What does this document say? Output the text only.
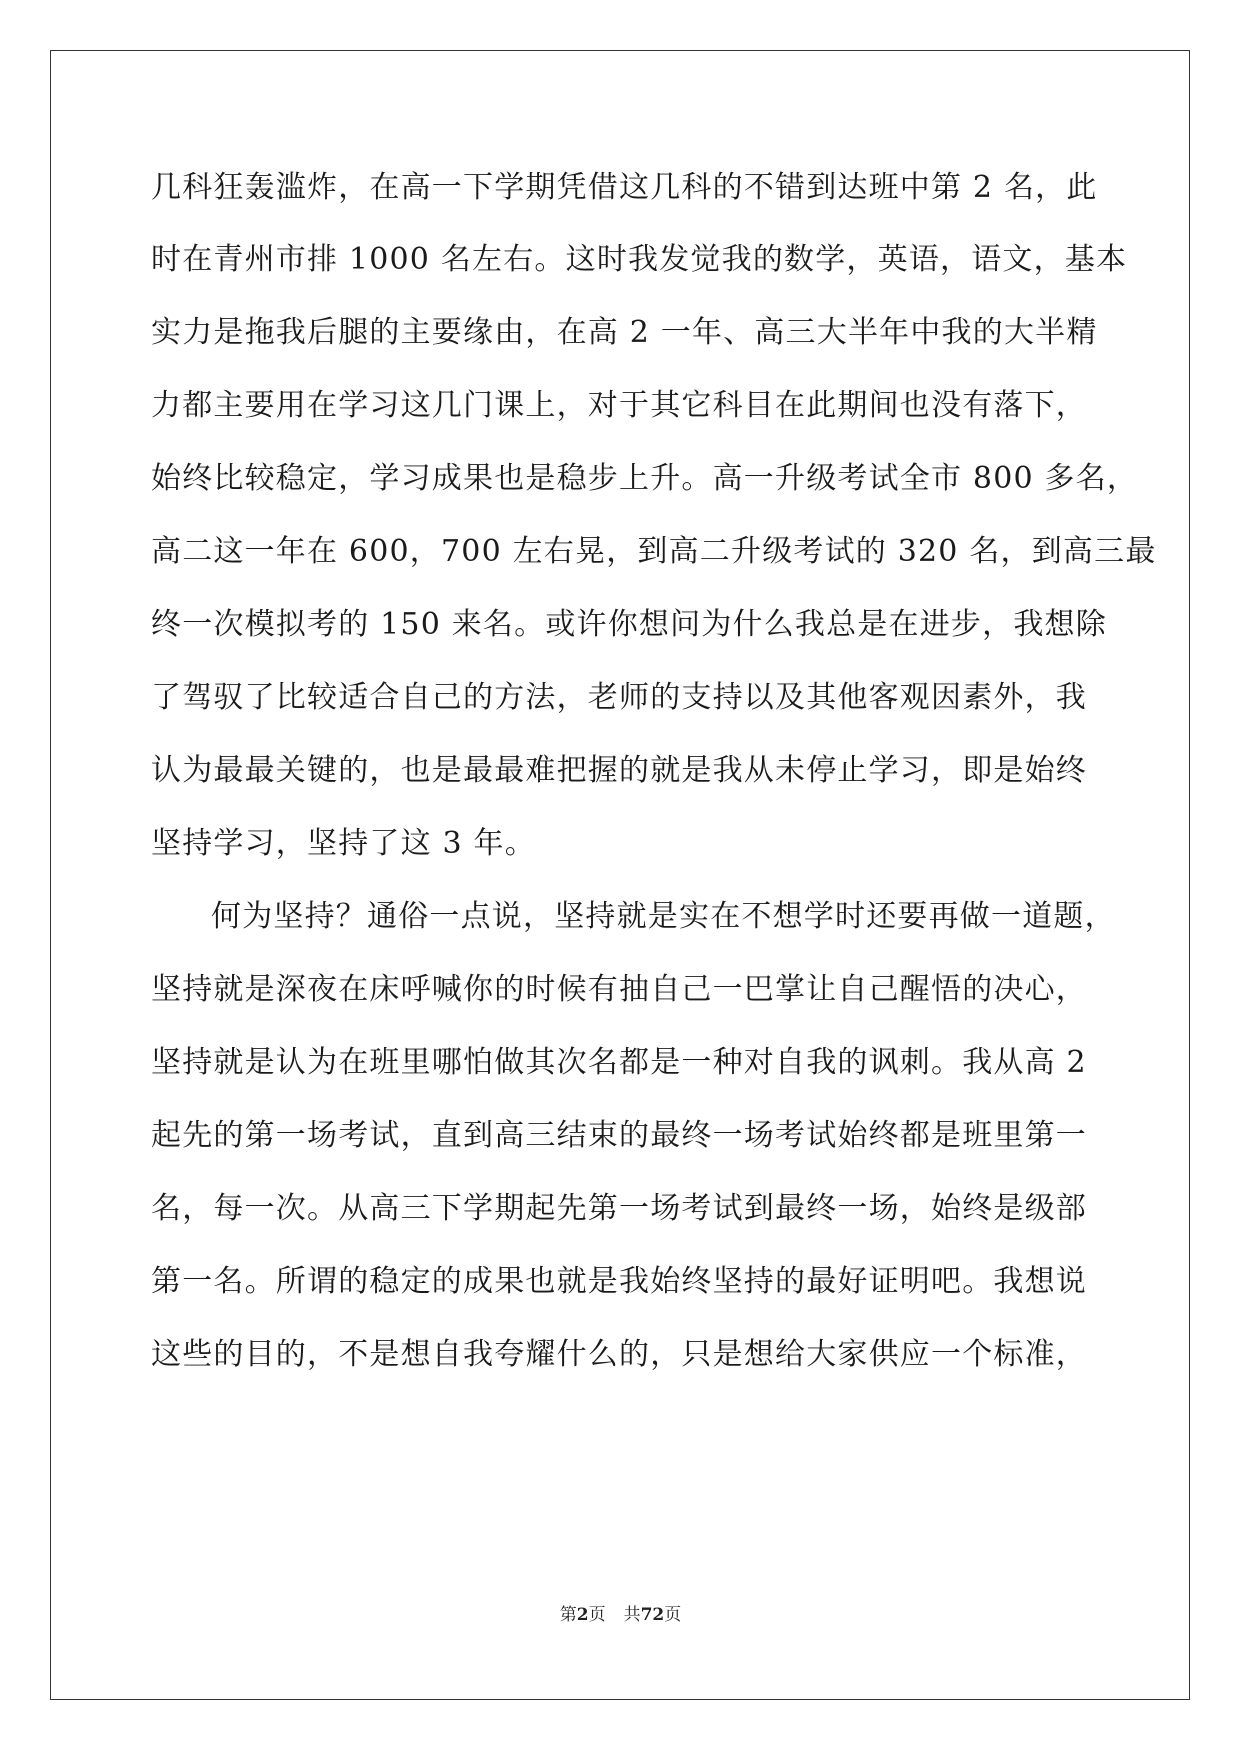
几科狂轰滥炸，在高一下学期凭借这几科的不错到达班中第 2 名，此
时在青州市排 1000 名左右。这时我发觉我的数学，英语，语文，基本
实力是拖我后腿的主要缘由，在高 2 一年、高三大半年中我的大半精
力都主要用在学习这几门课上，对于其它科目在此期间也没有落下，
始终比较稳定，学习成果也是稳步上升。高一升级考试全市 800 多名，
高二这一年在 600，700 左右晃，到高二升级考试的 320 名，到高三最
终一次模拟考的 150 来名。或许你想问为什么我总是在进步，我想除
了驾驭了比较适合自己的方法，老师的支持以及其他客观因素外，我
认为最最关键的，也是最最难把握的就是我从未停止学习，即是始终
坚持学习，坚持了这 3 年。
何为坚持？通俗一点说，坚持就是实在不想学时还要再做一道题，
坚持就是深夜在床呼喊你的时候有抽自己一巴掌让自己醒悟的决心，
坚持就是认为在班里哪怕做其次名都是一种对自我的讽刺。我从高 2
起先的第一场考试，直到高三结束的最终一场考试始终都是班里第一
名，每一次。从高三下学期起先第一场考试到最终一场，始终是级部
第一名。所谓的稳定的成果也就是我始终坚持的最好证明吧。我想说
这些的目的，不是想自我夸耀什么的，只是想给大家供应一个标准，
第2页 共72页
